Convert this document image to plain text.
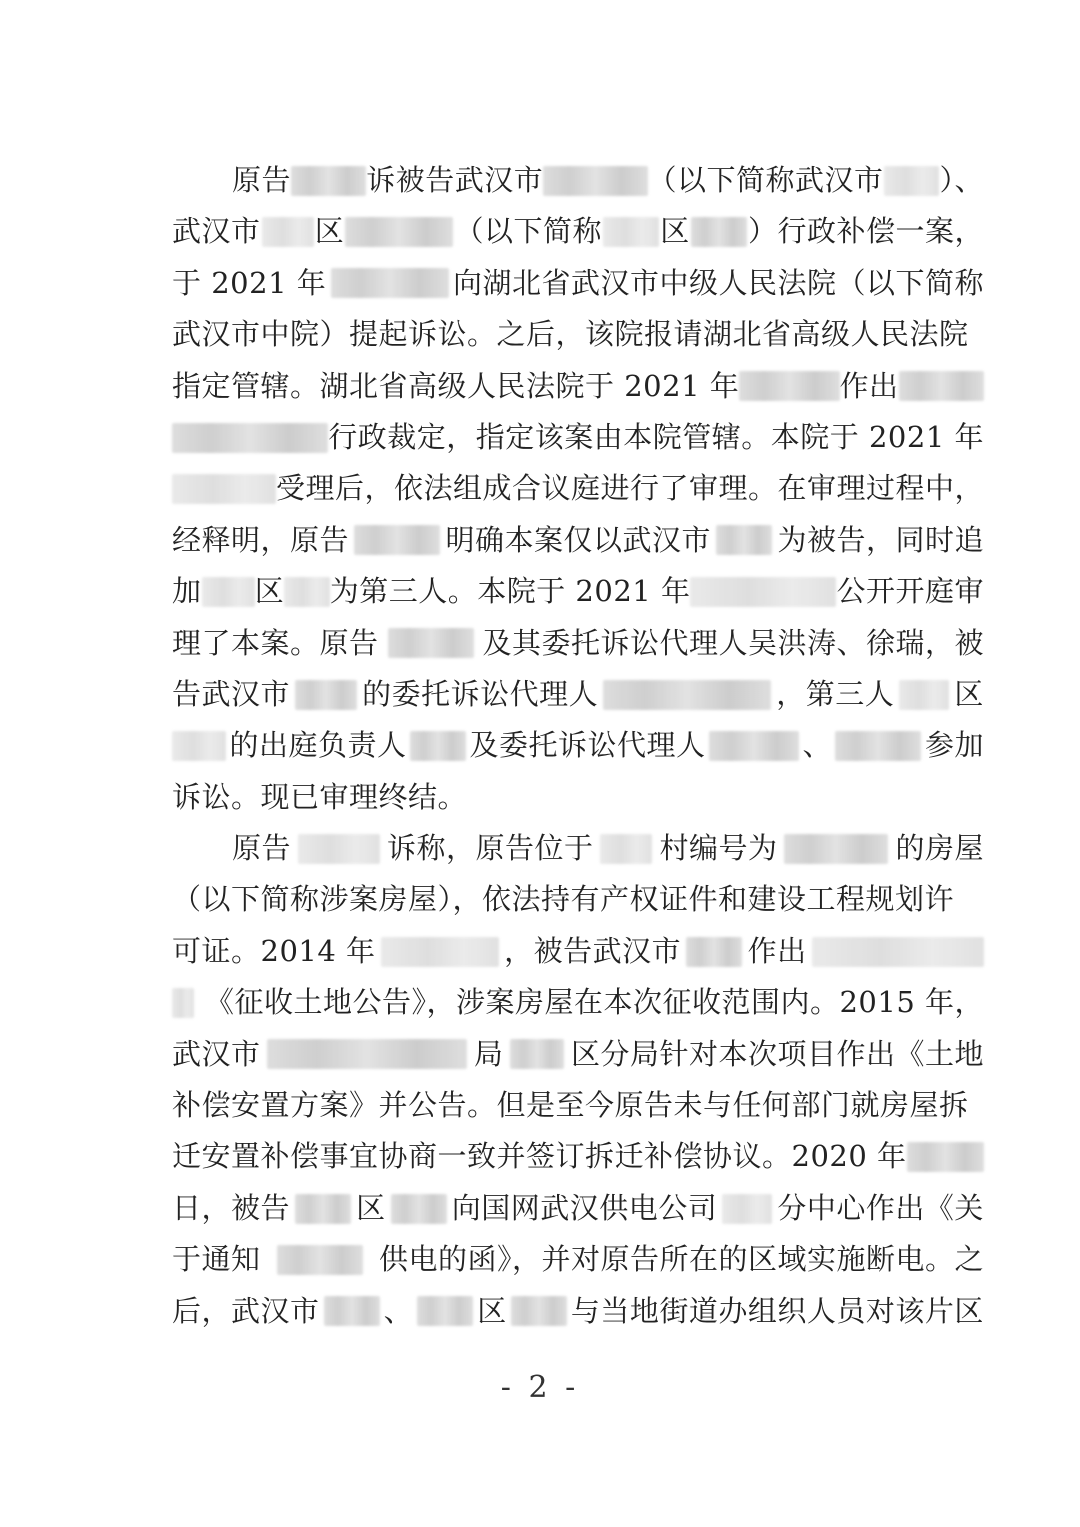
原告	诉被告武汉市	（以下简称武汉市 ）、
武汉市 区	（以下简称 区 ）行政补偿一案，
于 2021 年	向湖北省武汉市中级人民法院（以下简称
武汉市中院）提起诉讼。之后，该院报请湖北省高级人民法院
指定管辖。湖北省高级人民法院于 2021 年	作出
行政裁定，指定该案由本院管辖。本院于 2021 年
受理后，依法组成合议庭进行了审理。在审理过程中，
经释明，原告	明确本案仅以武汉市 为被告，同时追
加 区 为第三人。本院于 2021 年	公开开庭审
理了本案。原告	及其委托诉讼代理人吴洪涛、徐瑞，被
告武汉市 的委托诉讼代理人	，第三人 区
的出庭负责人 及委托诉讼代理人	、	参加
诉讼。现已审理终结。
原告	诉称，原告位于 村编号为	的房屋
（以下简称涉案房屋），依法持有产权证件和建设工程规划许
可证。2014 年	，被告武汉市 作出
《征收土地公告》，涉案房屋在本次征收范围内。2015 年，
武汉市	局 区分局针对本次项目作出《土地
补偿安置方案》并公告。但是至今原告未与任何部门就房屋拆
迁安置补偿事宜协商一致并签订拆迁补偿协议。2020 年
日，被告 区 向国网武汉供电公司 分中心作出《关
于通知	供电的函》，并对原告所在的区域实施断电。之
后，武汉市 、 区 与当地街道办组织人员对该片区
- 2 -
